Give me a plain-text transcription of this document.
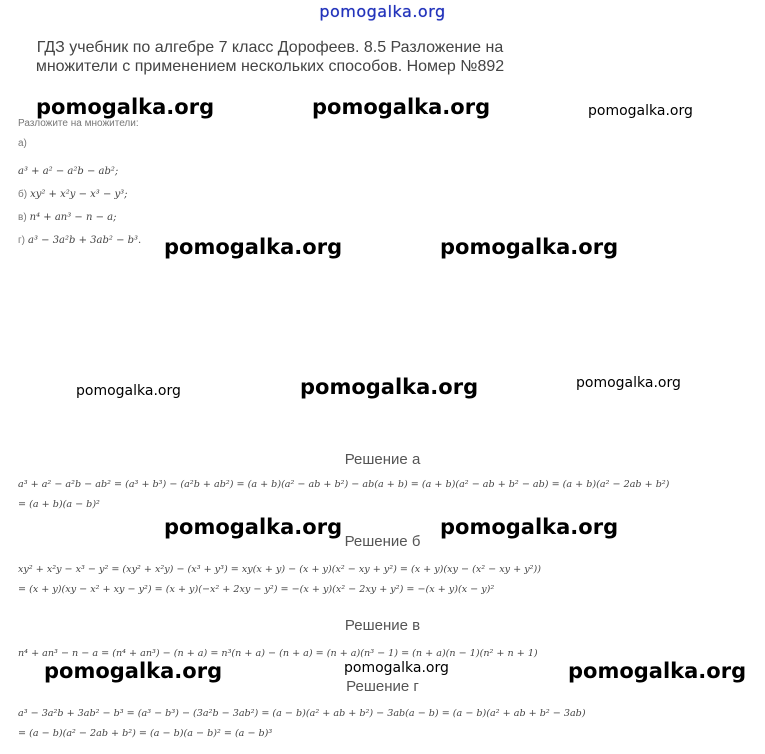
pomogalka.org
ГДЗ учебник по алгебре 7 класс Дорофеев. 8.5 Разложение на множители с применением нескольких способов. Номер №892
pomogalka.org	pomogalka.org	pomogalka.org
pomogalka.org	pomogalka.org
pomogalka.org	pomogalka.org	pomogalka.org
pomogalka.org	pomogalka.org
pomogalka.org	pomogalka.org	pomogalka.org
Разложите на множители:
а)
a³ + a² − a²b − ab²;
б) xy² + x²y − x³ − y³;
в) n⁴ + an³ − n − a;
г) a³ − 3a²b + 3ab² − b³.
Решение а
a³ + a² − a²b − ab² = (a³ + b³) − (a²b + ab²) = (a + b)(a² − ab + b²) − ab(a + b) = (a + b)(a² − ab + b² − ab) = (a + b)(a² − 2ab + b²)
= (a + b)(a − b)²
Решение б
xy² + x²y − x³ − y² = (xy² + x²y) − (x³ + y³) = xy(x + y) − (x + y)(x² − xy + y²) = (x + y)(xy − (x² − xy + y²))
= (x + y)(xy − x² + xy − y²) = (x + y)(−x² + 2xy − y²) = −(x + y)(x² − 2xy + y²) = −(x + y)(x − y)²
Решение в
n⁴ + an³ − n − a = (n⁴ + an³) − (n + a) = n³(n + a) − (n + a) = (n + a)(n³ − 1) = (n + a)(n − 1)(n² + n + 1)
Решение г
a³ − 3a²b + 3ab² − b³ = (a³ − b³) − (3a²b − 3ab²) = (a − b)(a² + ab + b²) − 3ab(a − b) = (a − b)(a² + ab + b² − 3ab)
= (a − b)(a² − 2ab + b²) = (a − b)(a − b)² = (a − b)³
